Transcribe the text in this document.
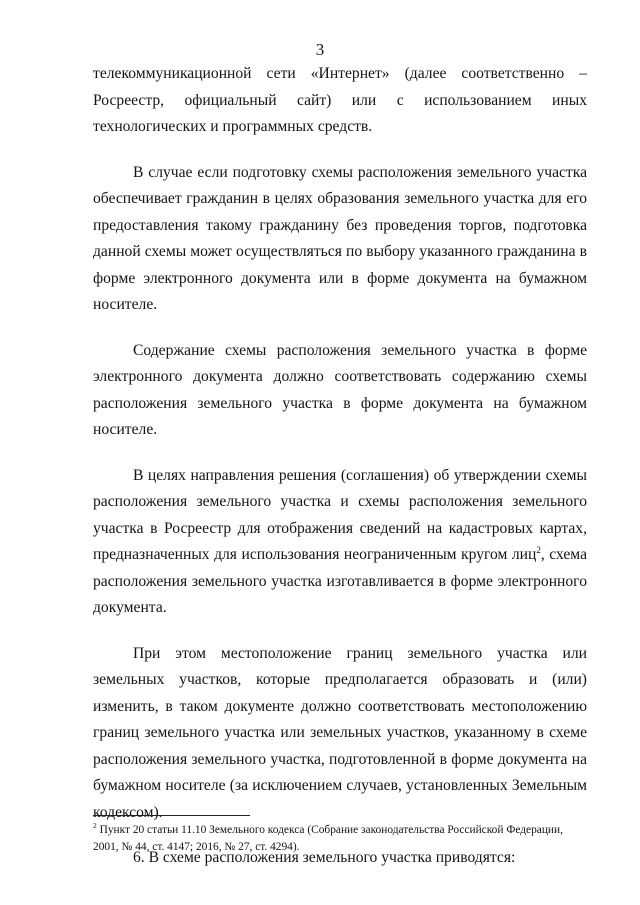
3

телекоммуникационной сети «Интернет» (далее соответственно – Росреестр, официальный сайт) или с использованием иных технологических и программных средств.

В случае если подготовку схемы расположения земельного участка обеспечивает гражданин в целях образования земельного участка для его предоставления такому гражданину без проведения торгов, подготовка данной схемы может осуществляться по выбору указанного гражданина в форме электронного документа или в форме документа на бумажном носителе.

Содержание схемы расположения земельного участка в форме электронного документа должно соответствовать содержанию схемы расположения земельного участка в форме документа на бумажном носителе.

В целях направления решения (соглашения) об утверждении схемы расположения земельного участка и схемы расположения земельного участка в Росреестр для отображения сведений на кадастровых картах, предназначенных для использования неограниченным кругом лиц$^2$, схема расположения земельного участка изготавливается в форме электронного документа.

При этом местоположение границ земельного участка или земельных участков, которые предполагается образовать и (или) изменить, в таком документе должно соответствовать местоположению границ земельного участка или земельных участков, указанному в схеме расположения земельного участка, подготовленной в форме документа на бумажном носителе (за исключением случаев, установленных Земельным кодексом).

6. В схеме расположения земельного участка приводятся:

$^2$ Пункт 20 статьи 11.10 Земельного кодекса (Собрание законодательства Российской Федерации, 2001, № 44, ст. 4147; 2016, № 27, ст. 4294).
